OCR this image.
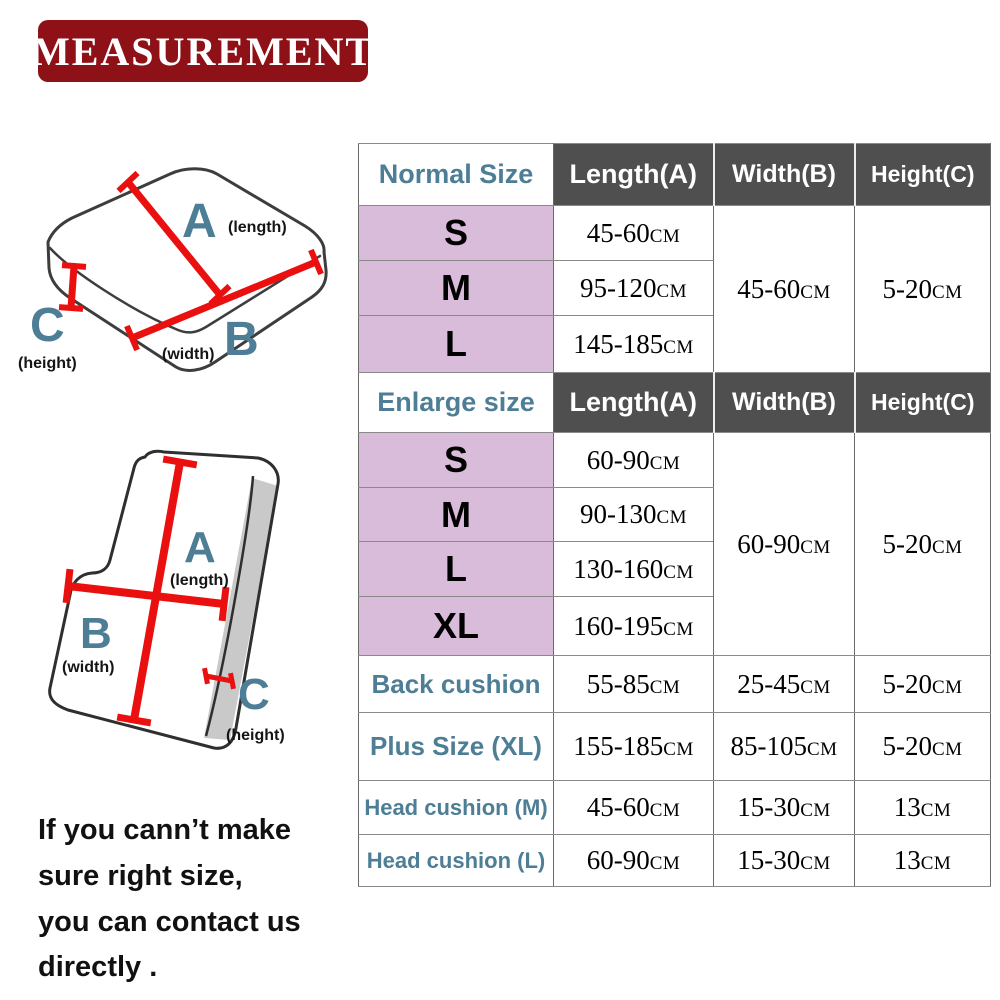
MEASUREMENT
A (length)
B
(width)
C
(height)
A
(length)
B
(width)
C
(height)
Normal Size	Length(A)	Width(B)	Height(C)
S	45-60CM	45-60CM	5-20CM
M	95-120CM		
L	145-185CM		
Enlarge size	Length(A)	Width(B)	Height(C)
S	60-90CM	60-90CM	5-20CM
M	90-130CM		
L	130-160CM		
XL	160-195CM		
Back cushion	55-85CM	25-45CM	5-20CM
Plus Size (XL)	155-185CM	85-105CM	5-20CM
Head cushion (M)	45-60CM	15-30CM	13CM
Head cushion (L)	60-90CM	15-30CM	13CM
If you cann’t make
sure right size,
you can contact us
directly .
